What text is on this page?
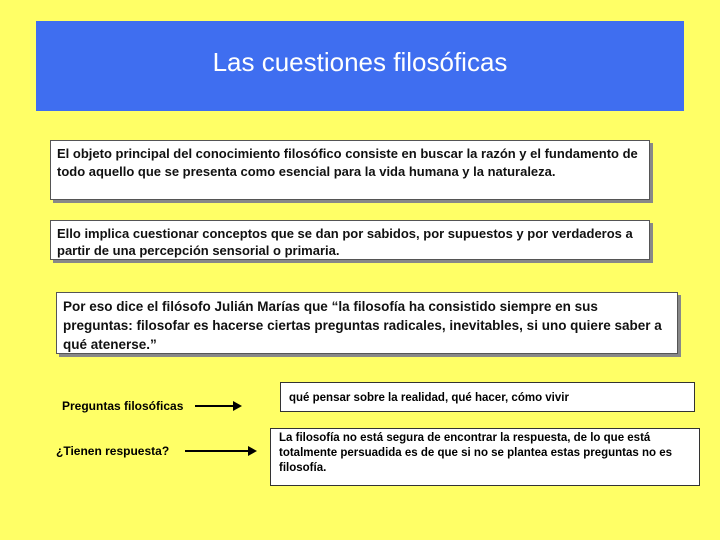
Las cuestiones filosóficas
El objeto principal del conocimiento filosófico consiste en buscar la razón y el fundamento de todo aquello que se presenta como esencial para la vida humana y la naturaleza.
Ello implica cuestionar conceptos que se dan por sabidos, por supuestos y por verdaderos a partir de una percepción sensorial o primaria.
Por eso dice el filósofo Julián Marías que “la filosofía ha consistido siempre en sus preguntas: filosofar es hacerse ciertas preguntas radicales, inevitables, si uno quiere saber a qué atenerse.”
Preguntas filosóficas
qué pensar sobre la realidad, qué hacer, cómo vivir
¿Tienen respuesta?
La filosofía no está segura de encontrar la respuesta, de lo que está totalmente persuadida es de que si no se plantea estas preguntas no es filosofía.
